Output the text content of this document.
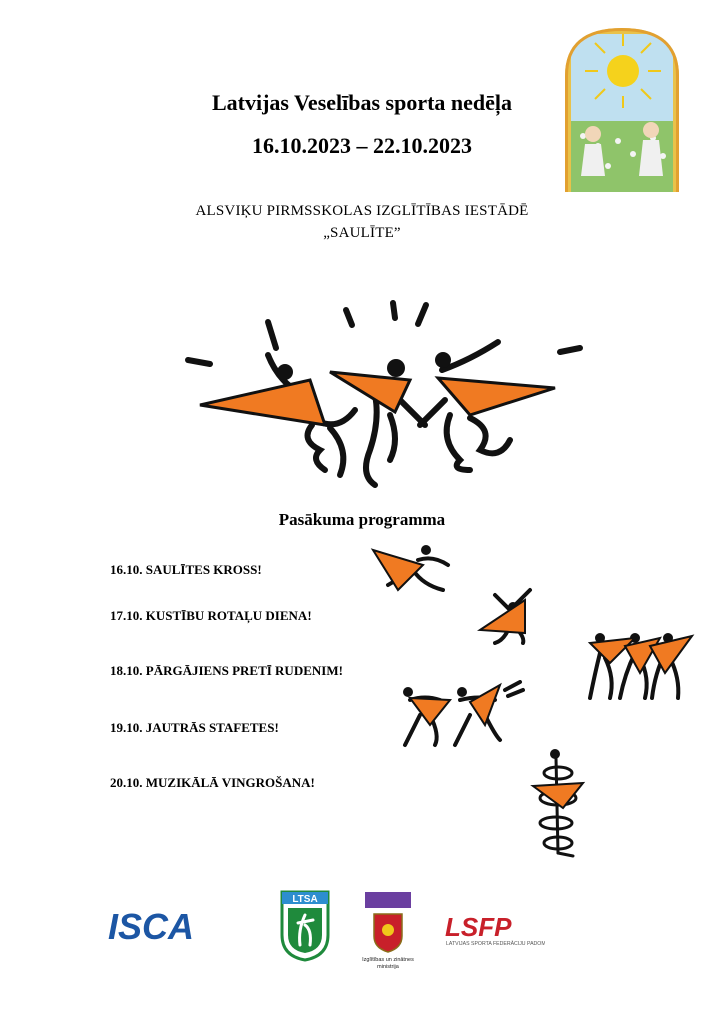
Latvijas Veselības sporta nedēļa
16.10.2023 – 22.10.2023
ALSVIĶU PIRMSSKOLAS IZGLĪTĪBAS IESTĀDĒ
„SAULĪTE”
Pasākuma programma
16.10. SAULĪTES KROSS!
17.10. KUSTĪBU ROTAĻU DIENA!
18.10. PĀRGĀJIENS PRETĪ RUDENIM!
19.10. JAUTRĀS STAFETES!
20.10. MUZIKĀLĀ VINGROŠANA!
ISCA
LTSA
Izglītības un zinātnes
ministrija
LSFP
LATVIJAS SPORTA FEDERĀCIJU PADOME
